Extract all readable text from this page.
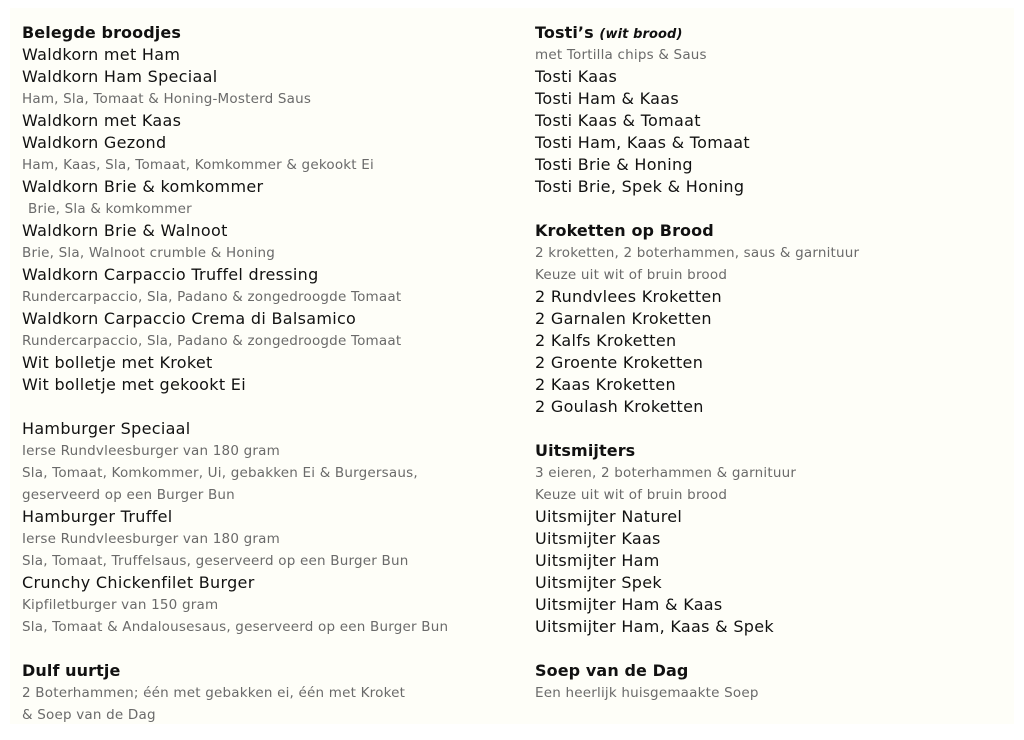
Belegde broodjes
Waldkorn met Ham
Waldkorn Ham Speciaal
Ham, Sla, Tomaat & Honing-Mosterd Saus
Waldkorn met Kaas
Waldkorn Gezond
Ham, Kaas, Sla, Tomaat, Komkommer & gekookt Ei
Waldkorn Brie & komkommer
Brie, Sla & komkommer
Waldkorn Brie & Walnoot
Brie, Sla, Walnoot crumble & Honing
Waldkorn Carpaccio Truffel dressing
Rundercarpaccio, Sla, Padano & zongedroogde Tomaat
Waldkorn Carpaccio Crema di Balsamico
Rundercarpaccio, Sla, Padano & zongedroogde Tomaat
Wit bolletje met Kroket
Wit bolletje met gekookt Ei
Hamburger Speciaal
Ierse Rundvleesburger van 180 gram
Sla, Tomaat, Komkommer, Ui, gebakken Ei & Burgersaus,
geserveerd op een Burger Bun
Hamburger Truffel
Ierse Rundvleesburger van 180 gram
Sla, Tomaat, Truffelsaus, geserveerd op een Burger Bun
Crunchy Chickenfilet Burger
Kipfiletburger van 150 gram
Sla, Tomaat & Andalousesaus, geserveerd op een Burger Bun
Dulf uurtje
2 Boterhammen; één met gebakken ei, één met Kroket
& Soep van de Dag
Tosti’s (wit brood)
met Tortilla chips & Saus
Tosti Kaas
Tosti Ham & Kaas
Tosti Kaas & Tomaat
Tosti Ham, Kaas & Tomaat
Tosti Brie & Honing
Tosti Brie, Spek & Honing
Kroketten op Brood
2 kroketten, 2 boterhammen, saus & garnituur
Keuze uit wit of bruin brood
2 Rundvlees Kroketten
2 Garnalen Kroketten
2 Kalfs Kroketten
2 Groente Kroketten
2 Kaas Kroketten
2 Goulash Kroketten
Uitsmijters
3 eieren, 2 boterhammen & garnituur
Keuze uit wit of bruin brood
Uitsmijter Naturel
Uitsmijter Kaas
Uitsmijter Ham
Uitsmijter Spek
Uitsmijter Ham & Kaas
Uitsmijter Ham, Kaas & Spek
Soep van de Dag
Een heerlijk huisgemaakte Soep
